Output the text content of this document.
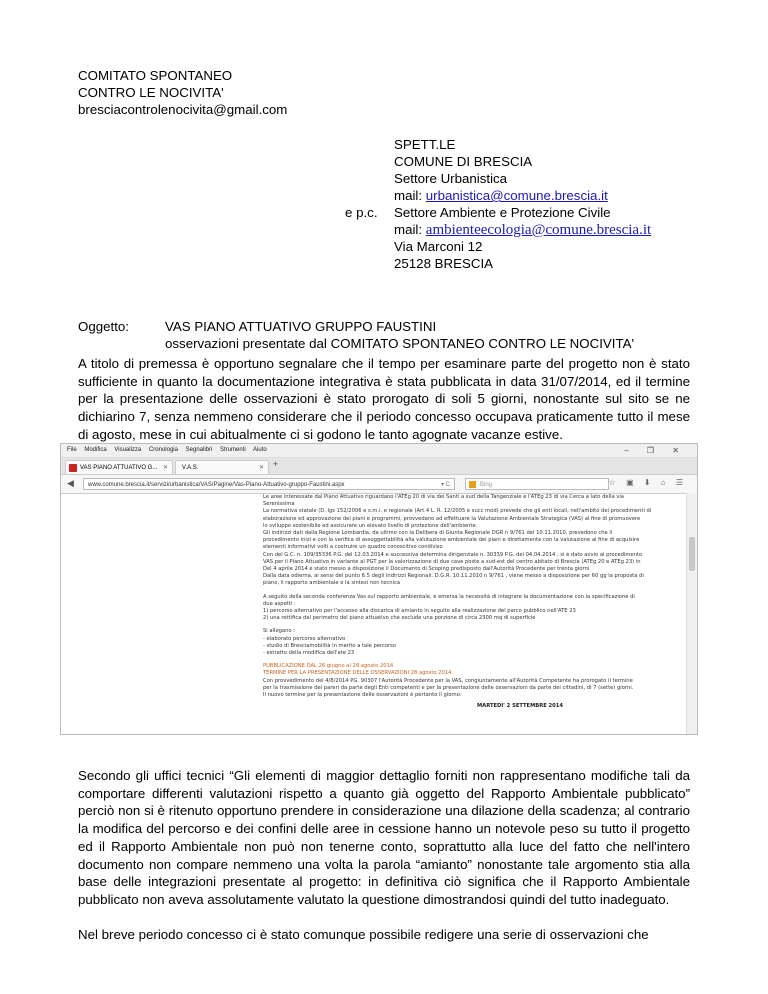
COMITATO SPONTANEO
CONTRO LE NOCIVITA'
bresciacontrolenocivita@gmail.com
SPETT.LE
COMUNE DI BRESCIA
Settore Urbanistica
mail: urbanistica@comune.brescia.it
e p.c. Settore Ambiente e Protezione Civile
mail: ambienteecologia@comune.brescia.it
Via Marconi 12
25128 BRESCIA
Oggetto:	VAS PIANO ATTUATIVO GRUPPO FAUSTINI
osservazioni presentate dal COMITATO SPONTANEO CONTRO LE NOCIVITA'
A titolo di premessa è opportuno segnalare che il tempo per esaminare parte del progetto non è stato sufficiente in quanto la documentazione integrativa è stata pubblicata in data 31/07/2014, ed il termine per la presentazione delle osservazioni è stato prorogato di soli 5 giorni, nonostante sul sito se ne dichiarino 7, senza nemmeno considerare che il periodo concesso occupava praticamente tutto il mese di agosto, mese in cui abitualmente ci si godono le tanto agognate vacanze estive.
File Modifica Visualizza Cronologia Segnalibri Strumenti Aiuto	– ❐ ✕
VAS PIANO ATTUATIVO G... ✕	V.A.S.	✕ +
◀	www.comune.brescia.it/servizi/urbanistica/VAS/Pagine/Vas-Piano-Attuativo-gruppo-Faustini.aspx	▾ C	Bing	☆ ▣ ⬇ ⌂ ☰
Le aree interessate dal Piano Attuativo riguardano l'ATEg 20 di via dei Santi a sud della Tangenziale e l'ATEg 23 di via Cerca a lato della via
Serenissima
La normativa statale (D. lgs 152/2006 e s.m.i. e regionale (Art.4 L. R. 12/2005 e succ mod) prevede che gli enti locali, nell'ambito dei procedimenti di
elaborazione ed approvazione dei piani e programmi, provvedano ad effettuare la Valutazione Ambientale Strategica (VAS) al fine di promuovere
lo sviluppo sostenibile ed assicurare un elevato livello di protezione dell'ambiente.
Gli indirizzi dati dalla Regione Lombardia, da ultimo con la Delibera di Giunta Regionale DGR n 9/761 del 10.11.2010, prevedono che il
procedimento inizi e con la verifica di assoggettabilità alla valutazione ambientale dei piani e direttamente con la valutazione al fine di acquisire
elementi informativi volti a costruire un quadro conoscitivo condiviso
Con del G.C. n. 109/35336 P.G. del 12.03.2014 e successiva determina dirigenziale n. 30339 P.G. del 04.04.2014 , si è dato avvio al procedimento
VAS per il Piano Attuativo in variante al PGT per la valorizzazione di due cave poste a sud-est del centro abitato di Brescia (ATEg 20 e ATEg 23) in
Del 4 aprile 2014 è stato messo a disposizione il Documento di Scoping predisposto dall'Autorità Procedente per trenta giorni
Dalla data odierna, ai sensi del punto 6.5 degli Indirizzi Regionali, D.G.R. 10.11.2010 n 9/761 , viene messo a disposizione per 60 gg la proposta di
piano, il rapporto ambientale e la sintesi non tecnica
A seguito della seconda conferenza Vas sul rapporto ambientale, è emersa la necessità di integrare la documentazione con la specificazione di
due aspetti :
1) percorso alternativo per l'accesso alla discarica di amianto in seguito alla realizzazione del parco pubblico nell'ATE 23
2) una rettifica del perimetro del piano attuativo che esclude una porzione di circa 2300 mq di superficie
Si allegano :
- elaborato percorso alternativo
- studio di Bresciamobilità in merito a tale percorso
- estratto della modifica dell'ate 23
PUBBLICAZIONE DAL 26 giugno al 28 agosto 2014
TERMINE PER LA PRESENTAZIONE DELLE OSSERVAZIONI 28 agosto 2014
Con provvedimento del 4/8/2014 PG. 90307 l'Autorità Procedente per la VAS, congiuntamente all'Autorità Competente ha prorogato il termine
per la trasmissione dei pareri da parte degli Enti competenti e per la presentazione delle osservazioni da parte dei cittadini, di 7 (sette) giorni.
Il nuovo termine per la presentazione delle osservazioni è pertanto il giorno:
MARTEDI' 2 SETTEMBRE 2014
Secondo gli uffici tecnici “Gli elementi di maggior dettaglio forniti non rappresentano modifiche tali da comportare differenti valutazioni rispetto a quanto già oggetto del Rapporto Ambientale pubblicato” perciò non si è ritenuto opportuno prendere in considerazione una dilazione della scadenza; al contrario la modifica del percorso e dei confini delle aree in cessione hanno un notevole peso su tutto il progetto ed il Rapporto Ambientale non può non tenerne conto, soprattutto alla luce del fatto che nell'intero documento non compare nemmeno una volta la parola “amianto” nonostante tale argomento stia alla base delle integrazioni presentate al progetto: in definitiva ciò significa che il Rapporto Ambientale pubblicato non aveva assolutamente valutato la questione dimostrandosi quindi del tutto inadeguato.
Nel breve periodo concesso ci è stato comunque possibile redigere una serie di osservazioni che
